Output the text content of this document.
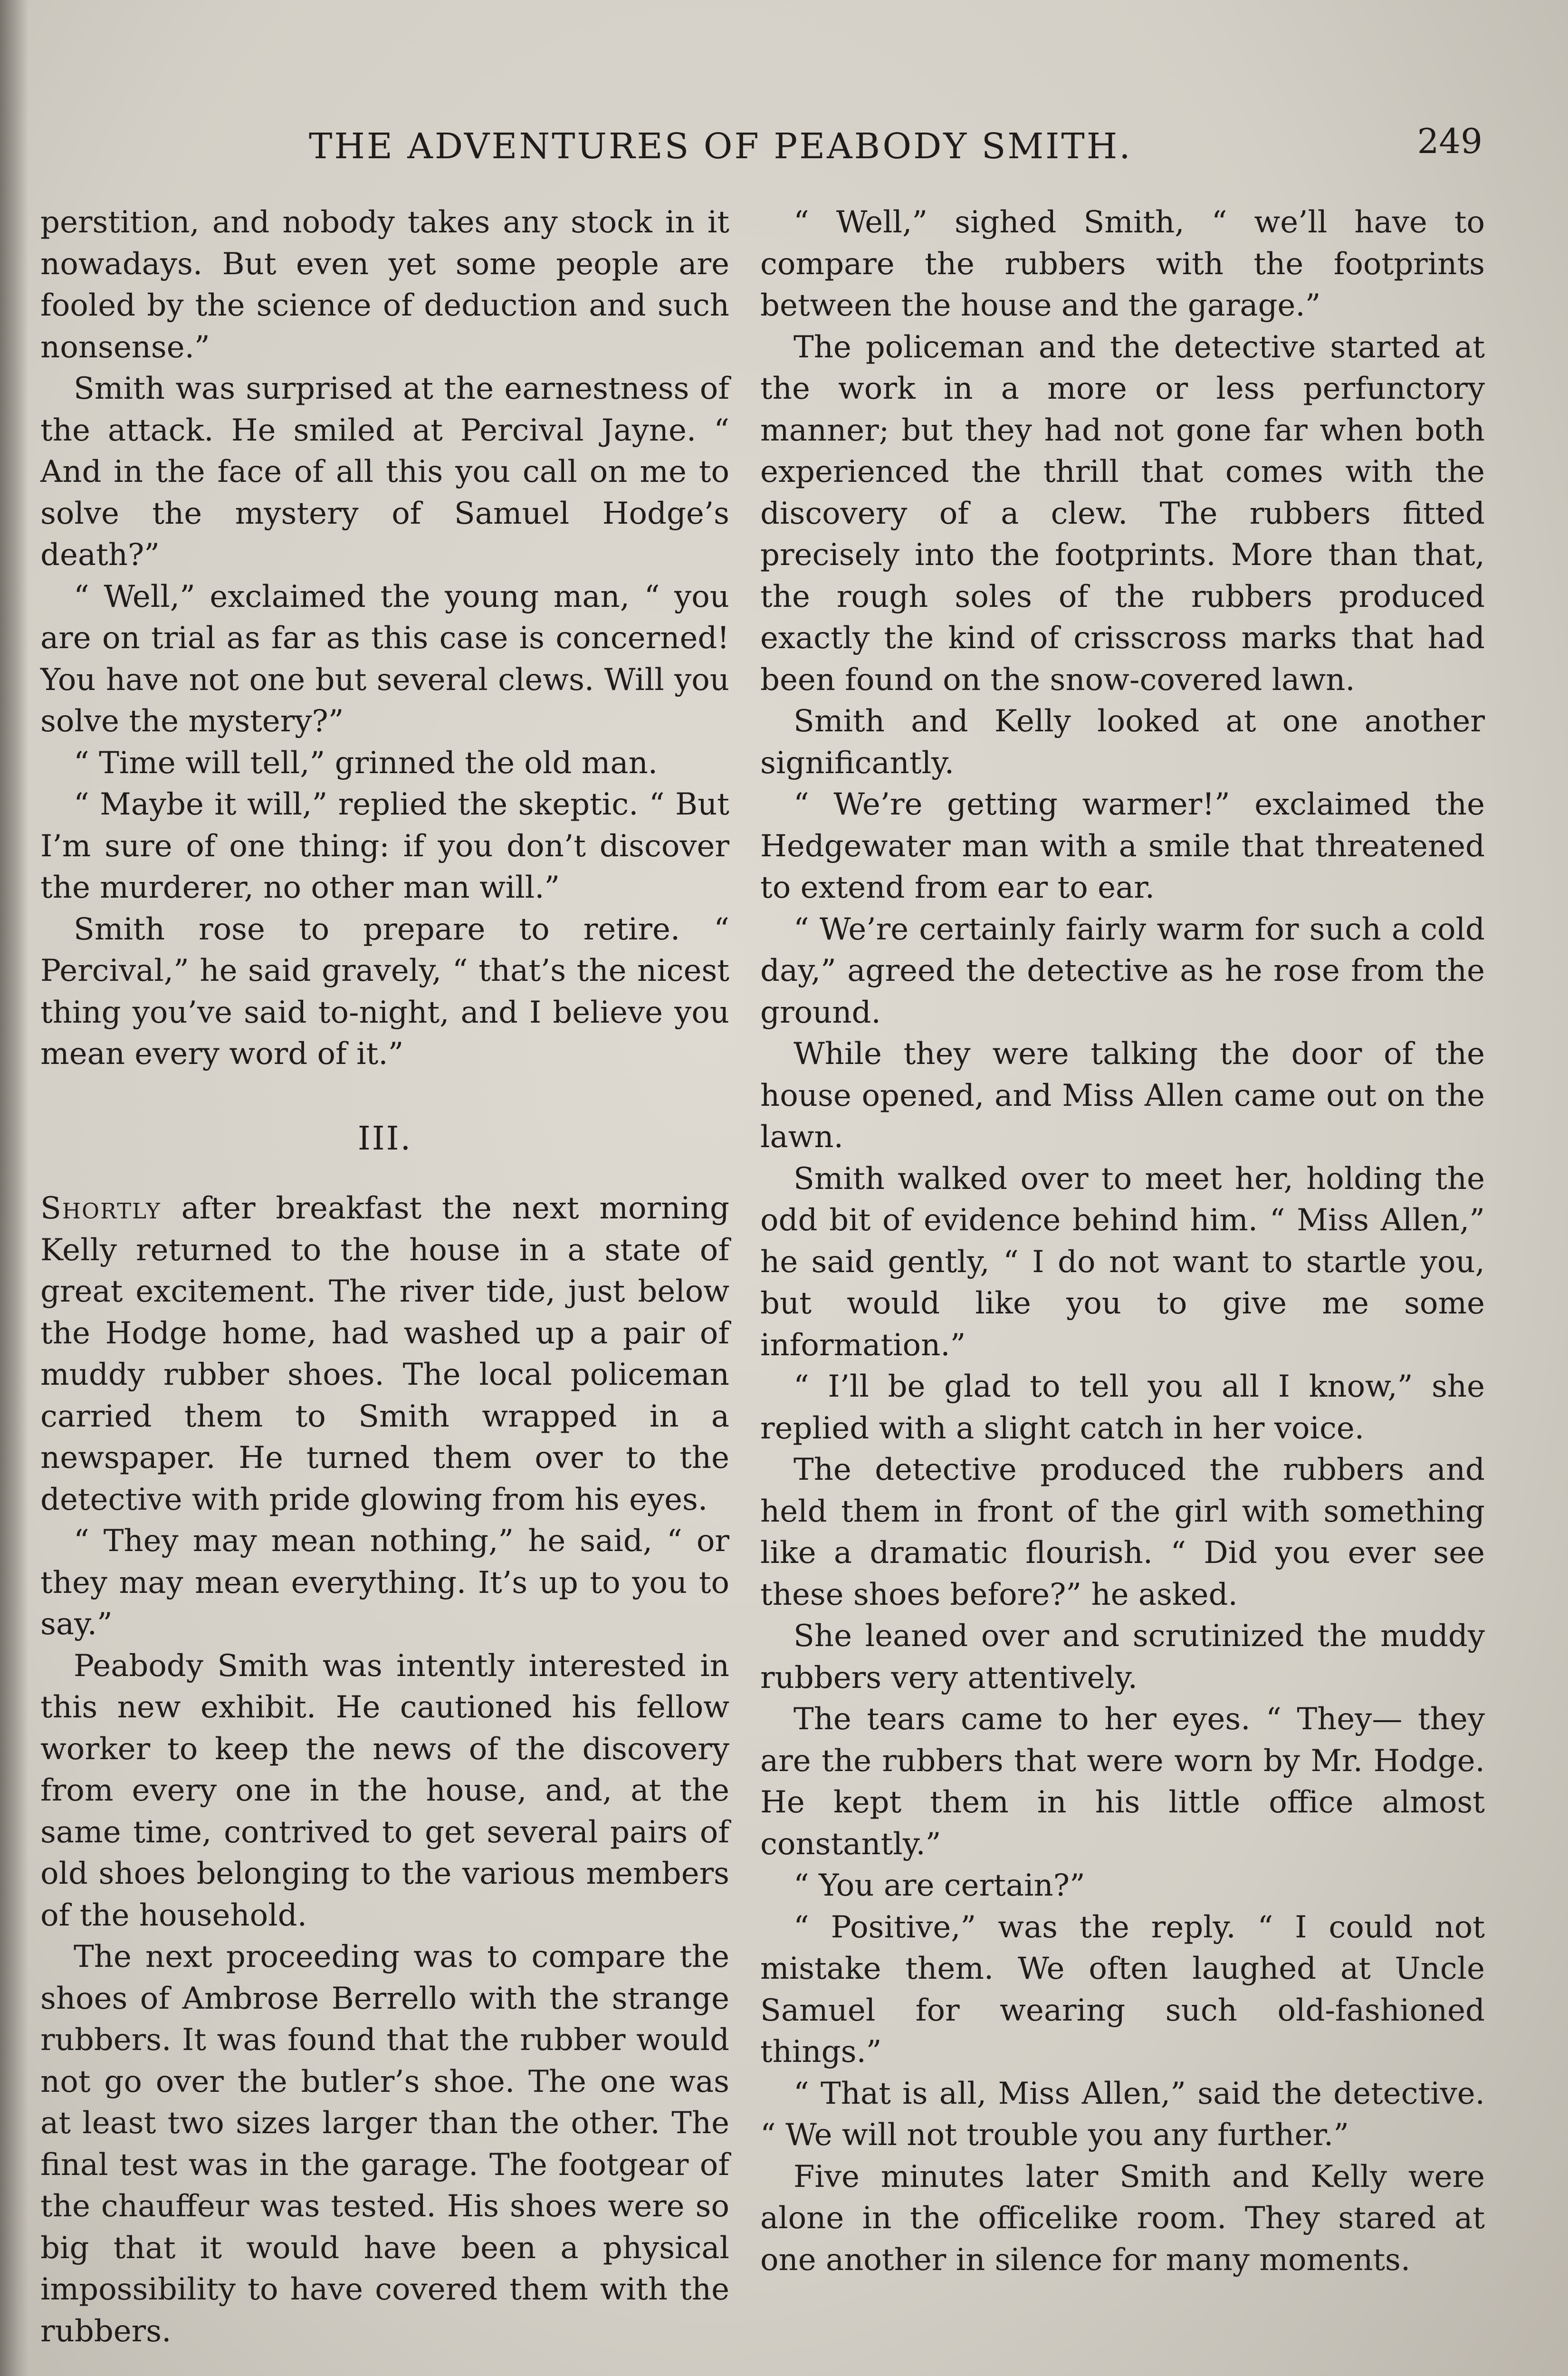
THE ADVENTURES OF PEABODY SMITH.	249

perstition, and nobody takes any stock in it nowadays. But even yet some people are fooled by the science of deduction and such nonsense.”

Smith was surprised at the earnestness of the attack. He smiled at Percival Jayne. “ And in the face of all this you call on me to solve the mystery of Samuel Hodge’s death?”

“ Well,” exclaimed the young man, “ you are on trial as far as this case is concerned! You have not one but several clews. Will you solve the mystery?”

“ Time will tell,” grinned the old man.

“ Maybe it will,” replied the skeptic. “ But I’m sure of one thing: if you don’t discover the murderer, no other man will.”

Smith rose to prepare to retire. “ Percival,” he said gravely, “ that’s the nicest thing you’ve said to-night, and I believe you mean every word of it.”

III.

Shortly after breakfast the next morning Kelly returned to the house in a state of great excitement. The river tide, just below the Hodge home, had washed up a pair of muddy rubber shoes. The local policeman carried them to Smith wrapped in a newspaper. He turned them over to the detective with pride glowing from his eyes.

“ They may mean nothing,” he said, “ or they may mean everything. It’s up to you to say.”

Peabody Smith was intently interested in this new exhibit. He cautioned his fellow worker to keep the news of the discovery from every one in the house, and, at the same time, contrived to get several pairs of old shoes belonging to the various members of the household.

The next proceeding was to compare the shoes of Ambrose Berrello with the strange rubbers. It was found that the rubber would not go over the butler’s shoe. The one was at least two sizes larger than the other. The final test was in the garage. The footgear of the chauffeur was tested. His shoes were so big that it would have been a physical impossibility to have covered them with the rubbers.

“ Well,” sighed Smith, “ we’ll have to compare the rubbers with the footprints between the house and the garage.”

The policeman and the detective started at the work in a more or less perfunctory manner; but they had not gone far when both experienced the thrill that comes with the discovery of a clew. The rubbers fitted precisely into the footprints. More than that, the rough soles of the rubbers produced exactly the kind of crisscross marks that had been found on the snow-covered lawn.

Smith and Kelly looked at one another significantly.

“ We’re getting warmer!” exclaimed the Hedgewater man with a smile that threatened to extend from ear to ear.

“ We’re certainly fairly warm for such a cold day,” agreed the detective as he rose from the ground.

While they were talking the door of the house opened, and Miss Allen came out on the lawn.

Smith walked over to meet her, holding the odd bit of evidence behind him. “ Miss Allen,” he said gently, “ I do not want to startle you, but would like you to give me some information.”

“ I’ll be glad to tell you all I know,” she replied with a slight catch in her voice.

The detective produced the rubbers and held them in front of the girl with something like a dramatic flourish. “ Did you ever see these shoes before?” he asked.

She leaned over and scrutinized the muddy rubbers very attentively.

The tears came to her eyes. “ They— they are the rubbers that were worn by Mr. Hodge. He kept them in his little office almost constantly.”

“ You are certain?”

“ Positive,” was the reply. “ I could not mistake them. We often laughed at Uncle Samuel for wearing such old-fashioned things.”

“ That is all, Miss Allen,” said the detective. “ We will not trouble you any further.”

Five minutes later Smith and Kelly were alone in the officelike room. They stared at one another in silence for many moments.
